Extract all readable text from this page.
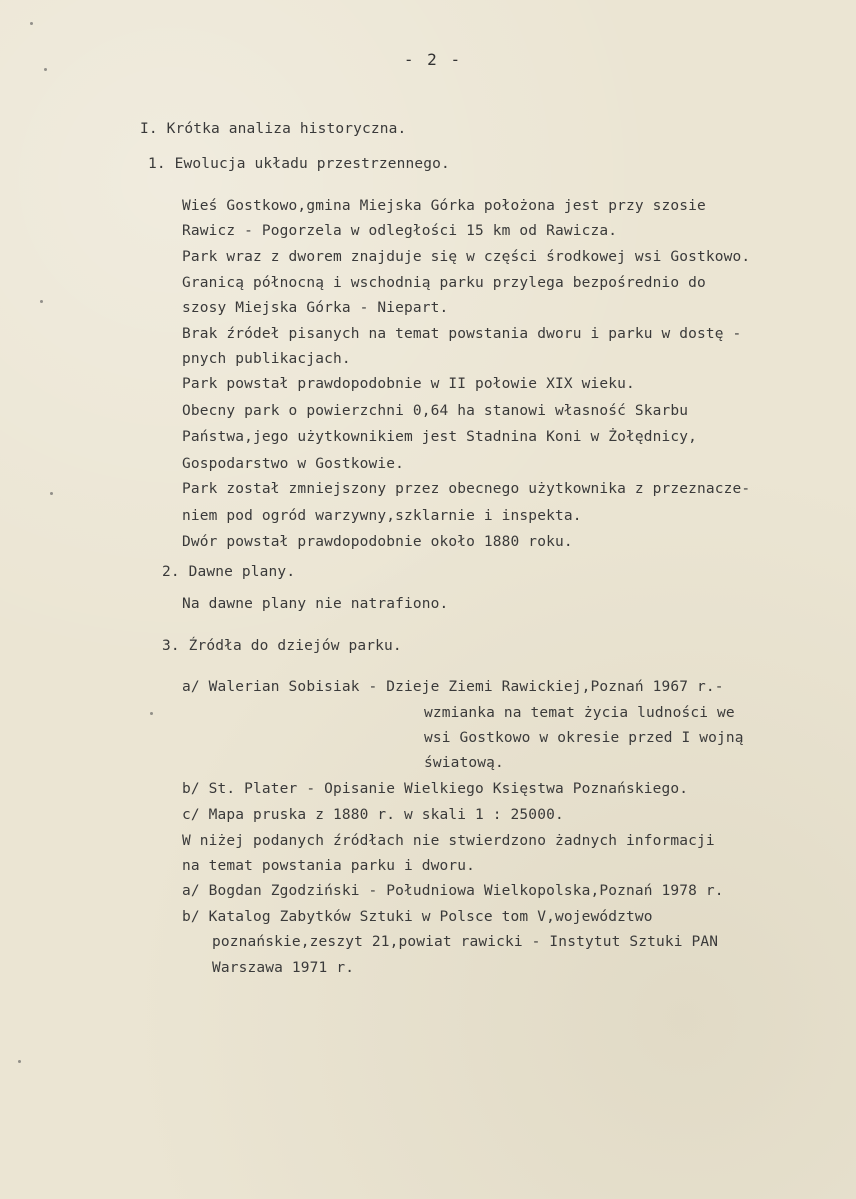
- 2 -
I. Krótka analiza historyczna.
1. Ewolucja układu przestrzennego.
Wieś Gostkowo,gmina Miejska Górka położona jest przy szosie
Rawicz - Pogorzela w odległości 15 km od Rawicza.
Park wraz z dworem znajduje się w części środkowej wsi Gostkowo.
Granicą północną i wschodnią parku przylega bezpośrednio do
szosy Miejska Górka - Niepart.
Brak źródeł pisanych na temat powstania dworu i parku w dostę -
pnych publikacjach.
Park powstał prawdopodobnie w II połowie XIX wieku.
Obecny park o powierzchni 0,64 ha stanowi własność Skarbu
Państwa,jego użytkownikiem jest Stadnina Koni w Żołędnicy,
Gospodarstwo w Gostkowie.
Park został zmniejszony przez obecnego użytkownika z przeznacze-
niem pod ogród warzywny,szklarnie i inspekta.
Dwór powstał prawdopodobnie około 1880 roku.
2. Dawne plany.
Na dawne plany nie natrafiono.
3. Źródła do dziejów parku.
a/ Walerian Sobisiak - Dzieje Ziemi Rawickiej,Poznań 1967 r.-
wzmianka na temat życia ludności we
wsi Gostkowo w okresie przed I wojną
światową.
b/ St. Plater - Opisanie Wielkiego Księstwa Poznańskiego.
c/ Mapa pruska z 1880 r. w skali 1 : 25000.
W niżej podanych źródłach nie stwierdzono żadnych informacji
na temat powstania parku i dworu.
a/ Bogdan Zgodziński - Południowa Wielkopolska,Poznań 1978 r.
b/ Katalog Zabytków Sztuki w Polsce tom V,województwo
poznańskie,zeszyt 21,powiat rawicki - Instytut Sztuki PAN
Warszawa 1971 r.
